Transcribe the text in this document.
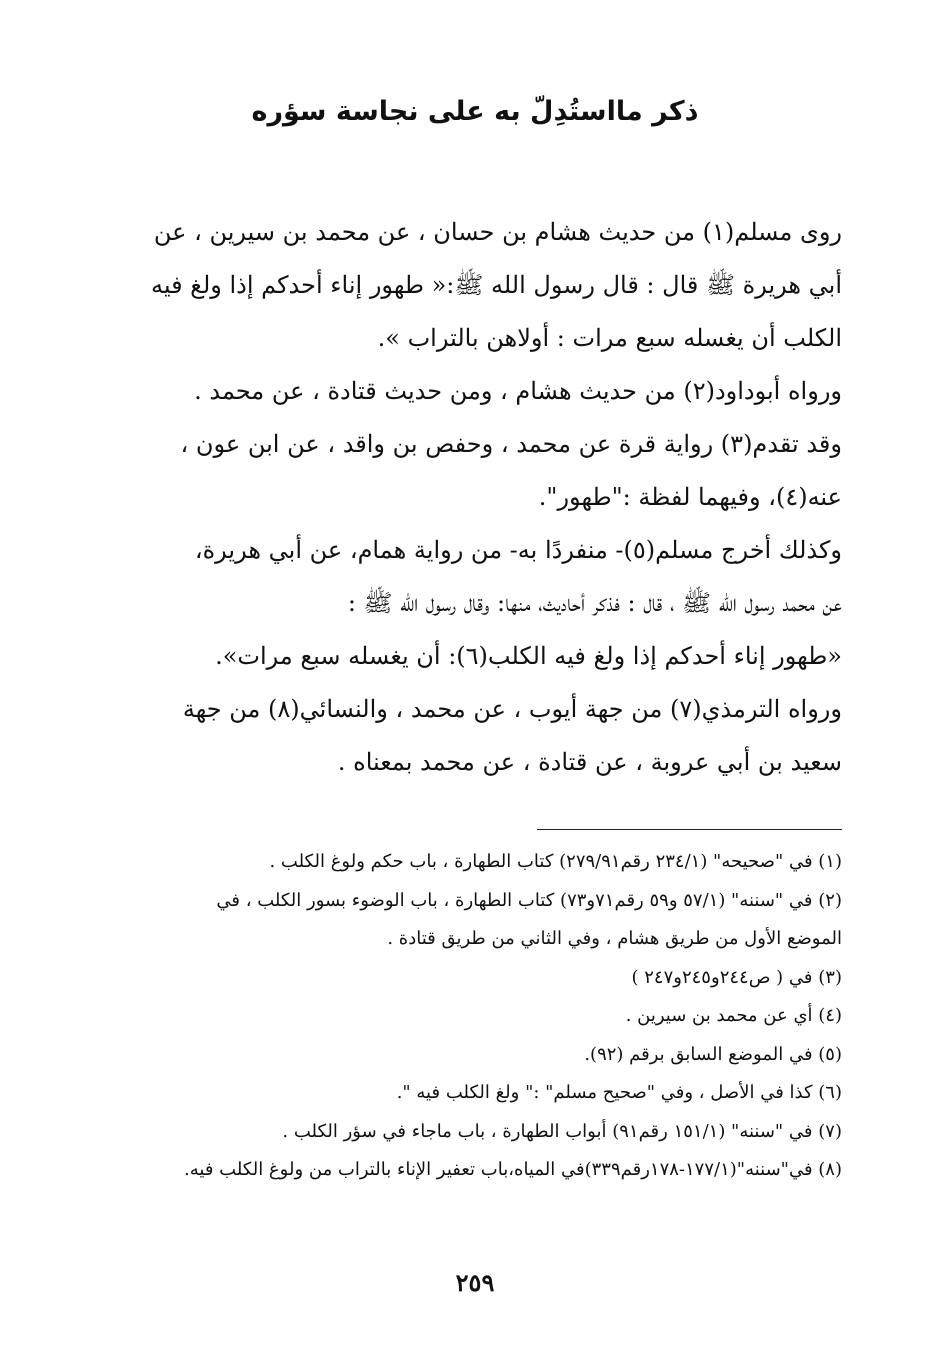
ذكر مااستُدِلّ به على نجاسة سؤره

روى مسلم(١) من حديث هشام بن حسان ، عن محمد بن سيرين ، عن
أبي هريرة ﷺ قال : قال رسول الله ﷺ:« طهور إناء أحدكم إذا ولغ فيه
الكلب أن يغسله سبع مرات : أولاهن بالتراب ».

ورواه أبوداود(٢) من حديث هشام ، ومن حديث قتادة ، عن محمد .

وقد تقدم(٣) رواية قرة عن محمد ، وحفص بن واقد ، عن ابن عون ،
عنه(٤)، وفيهما لفظة :"طهور".

وكذلك أخرج مسلم(٥)- منفردًا به- من رواية همام، عن أبي هريرة،
عن محمد رسول الله ﷺ ، قال : فذكر أحاديث، منها: وقال رسول الله ﷺ :
«طهور إناء أحدكم إذا ولغ فيه الكلب(٦): أن يغسله سبع مرات».

ورواه الترمذي(٧) من جهة أيوب ، عن محمد ، والنسائي(٨) من جهة
سعيد بن أبي عروبة ، عن قتادة ، عن محمد بمعناه .

(١) في "صحيحه" (٢٣٤/١ رقم٢٧٩/٩١) كتاب الطهارة ، باب حكم ولوغ الكلب .
(٢) في "سننه" (٥٧/١ و٥٩ رقم٧١و٧٣) كتاب الطهارة ، باب الوضوء بسور الكلب ، في
الموضع الأول من طريق هشام ، وفي الثاني من طريق قتادة .
(٣) في ( ص٢٤٤و٢٤٥و٢٤٧ )
(٤) أي عن محمد بن سيرين .
(٥) في الموضع السابق برقم (٩٢).
(٦) كذا في الأصل ، وفي "صحيح مسلم" :" ولغ الكلب فيه ".
(٧) في "سننه" (١٥١/١ رقم٩١) أبواب الطهارة ، باب ماجاء في سؤر الكلب .
(٨) في"سننه"(١٧٧/١-١٧٨رقم٣٣٩)في المياه،باب تعفير الإناء بالتراب من ولوغ الكلب فيه.
٢٥٩
